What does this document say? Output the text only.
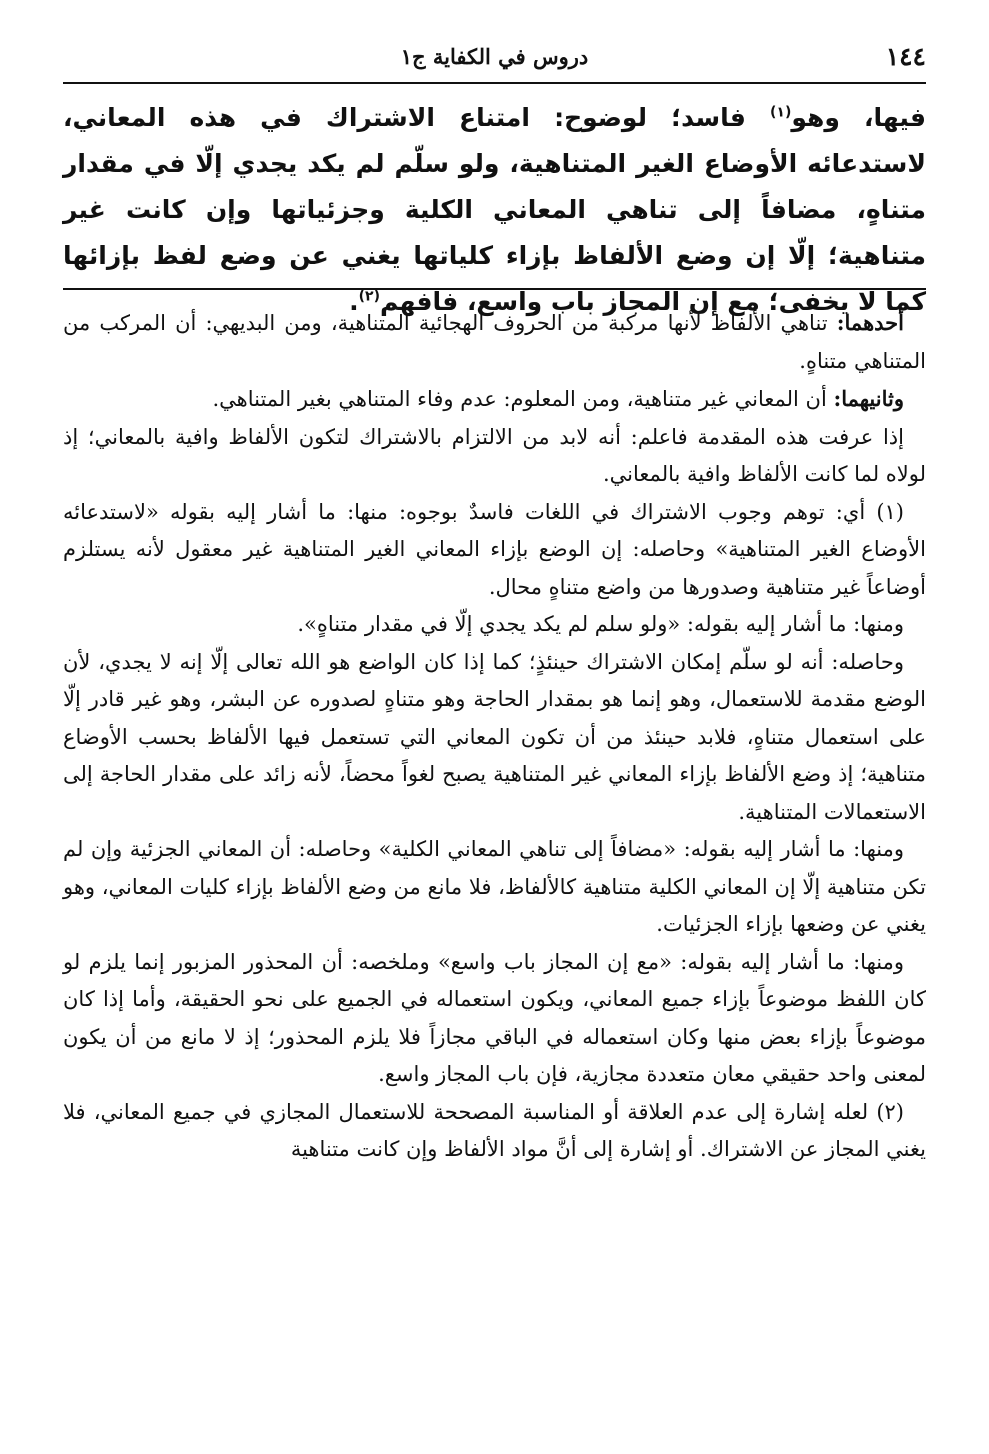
١٤٤
دروس في الكفاية ج١
فيها، وهو$^{(١)}$ فاسد؛ لوضوح: امتناع الاشتراك في هذه المعاني، لاستدعائه الأوضاع الغير المتناهية، ولو سلّم لم يكد يجدي إلّا في مقدار متناهٍ، مضافاً إلى تناهي المعاني الكلية وجزئياتها وإن كانت غير متناهية؛ إلّا إن وضع الألفاظ بإزاء كلياتها يغني عن وضع لفظ بإزائها كما لا يخفى؛ مع إن المجاز باب واسع، فافهم$^{(٢)}$.

أحدهما: تناهي الألفاظ لأنها مركبة من الحروف الهجائية المتناهية، ومن البديهي: أن المركب من المتناهي متناهٍ.

وثانيهما: أن المعاني غير متناهية، ومن المعلوم: عدم وفاء المتناهي بغير المتناهي.

إذا عرفت هذه المقدمة فاعلم: أنه لابد من الالتزام بالاشتراك لتكون الألفاظ وافية بالمعاني؛ إذ لولاه لما كانت الألفاظ وافية بالمعاني.

(١) أي: توهم وجوب الاشتراك في اللغات فاسدٌ بوجوه: منها: ما أشار إليه بقوله «لاستدعائه الأوضاع الغير المتناهية» وحاصله: إن الوضع بإزاء المعاني الغير المتناهية غير معقول لأنه يستلزم أوضاعاً غير متناهية وصدورها من واضع متناهٍ محال.

ومنها: ما أشار إليه بقوله: «ولو سلم لم يكد يجدي إلّا في مقدار متناهٍ».

وحاصله: أنه لو سلّم إمكان الاشتراك حينئذٍ؛ كما إذا كان الواضع هو الله تعالى إلّا إنه لا يجدي، لأن الوضع مقدمة للاستعمال، وهو إنما هو بمقدار الحاجة وهو متناهٍ لصدوره عن البشر، وهو غير قادر إلّا على استعمال متناهٍ، فلابد حينئذ من أن تكون المعاني التي تستعمل فيها الألفاظ بحسب الأوضاع متناهية؛ إذ وضع الألفاظ بإزاء المعاني غير المتناهية يصبح لغواً محضاً، لأنه زائد على مقدار الحاجة إلى الاستعمالات المتناهية.

ومنها: ما أشار إليه بقوله: «مضافاً إلى تناهي المعاني الكلية» وحاصله: أن المعاني الجزئية وإن لم تكن متناهية إلّا إن المعاني الكلية متناهية كالألفاظ، فلا مانع من وضع الألفاظ بإزاء كليات المعاني، وهو يغني عن وضعها بإزاء الجزئيات.

ومنها: ما أشار إليه بقوله: «مع إن المجاز باب واسع» وملخصه: أن المحذور المزبور إنما يلزم لو كان اللفظ موضوعاً بإزاء جميع المعاني، ويكون استعماله في الجميع على نحو الحقيقة، وأما إذا كان موضوعاً بإزاء بعض منها وكان استعماله في الباقي مجازاً فلا يلزم المحذور؛ إذ لا مانع من أن يكون لمعنى واحد حقيقي معان متعددة مجازية، فإن باب المجاز واسع.

(٢) لعله إشارة إلى عدم العلاقة أو المناسبة المصححة للاستعمال المجازي في جميع المعاني، فلا يغني المجاز عن الاشتراك. أو إشارة إلى أنَّ مواد الألفاظ وإن كانت متناهية
